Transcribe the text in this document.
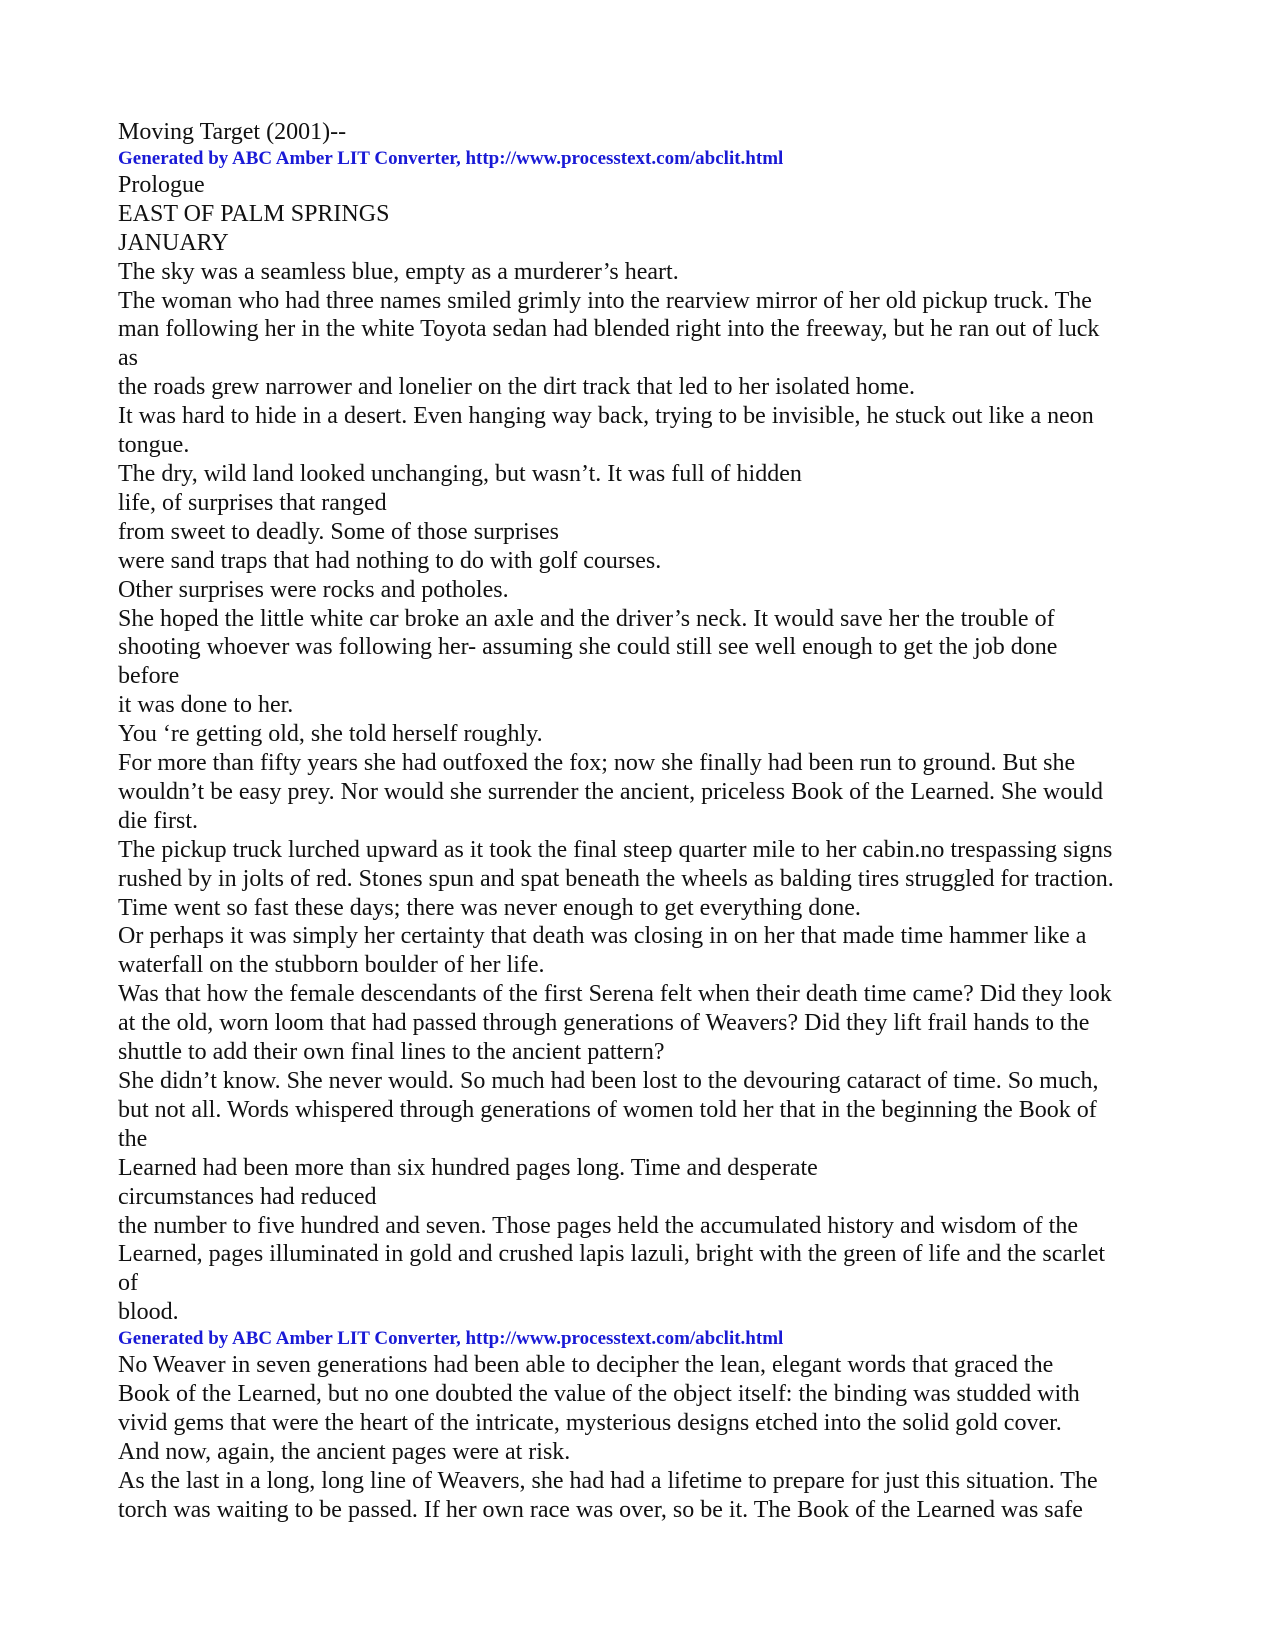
Moving Target (2001)--
Generated by ABC Amber LIT Converter, http://www.processtext.com/abclit.html
Prologue
EAST OF PALM SPRINGS
JANUARY
The sky was a seamless blue, empty as a murderer’s heart.
The woman who had three names smiled grimly into the rearview mirror of her old pickup truck. The
man following her in the white Toyota sedan had blended right into the freeway, but he ran out of luck
as
the roads grew narrower and lonelier on the dirt track that led to her isolated home.
It was hard to hide in a desert. Even hanging way back, trying to be invisible, he stuck out like a neon
tongue.
The dry, wild land looked unchanging, but wasn’t. It was full of hidden
life, of surprises that ranged
from sweet to deadly. Some of those surprises
were sand traps that had nothing to do with golf courses.
Other surprises were rocks and potholes.
She hoped the little white car broke an axle and the driver’s neck. It would save her the trouble of
shooting whoever was following her- assuming she could still see well enough to get the job done
before
it was done to her.
You ‘re getting old, she told herself roughly.
For more than fifty years she had outfoxed the fox; now she finally had been run to ground. But she
wouldn’t be easy prey. Nor would she surrender the ancient, priceless Book of the Learned. She would
die first.
The pickup truck lurched upward as it took the final steep quarter mile to her cabin.no trespassing signs
rushed by in jolts of red. Stones spun and spat beneath the wheels as balding tires struggled for traction.
Time went so fast these days; there was never enough to get everything done.
Or perhaps it was simply her certainty that death was closing in on her that made time hammer like a
waterfall on the stubborn boulder of her life.
Was that how the female descendants of the first Serena felt when their death time came? Did they look
at the old, worn loom that had passed through generations of Weavers? Did they lift frail hands to the
shuttle to add their own final lines to the ancient pattern?
She didn’t know. She never would. So much had been lost to the devouring cataract of time. So much,
but not all. Words whispered through generations of women told her that in the beginning the Book of
the
Learned had been more than six hundred pages long. Time and desperate
circumstances had reduced
the number to five hundred and seven. Those pages held the accumulated history and wisdom of the
Learned, pages illuminated in gold and crushed lapis lazuli, bright with the green of life and the scarlet
of
blood.
Generated by ABC Amber LIT Converter, http://www.processtext.com/abclit.html
No Weaver in seven generations had been able to decipher the lean, elegant words that graced the
Book of the Learned, but no one doubted the value of the object itself: the binding was studded with
vivid gems that were the heart of the intricate, mysterious designs etched into the solid gold cover.
And now, again, the ancient pages were at risk.
As the last in a long, long line of Weavers, she had had a lifetime to prepare for just this situation. The
torch was waiting to be passed. If her own race was over, so be it. The Book of the Learned was safe
